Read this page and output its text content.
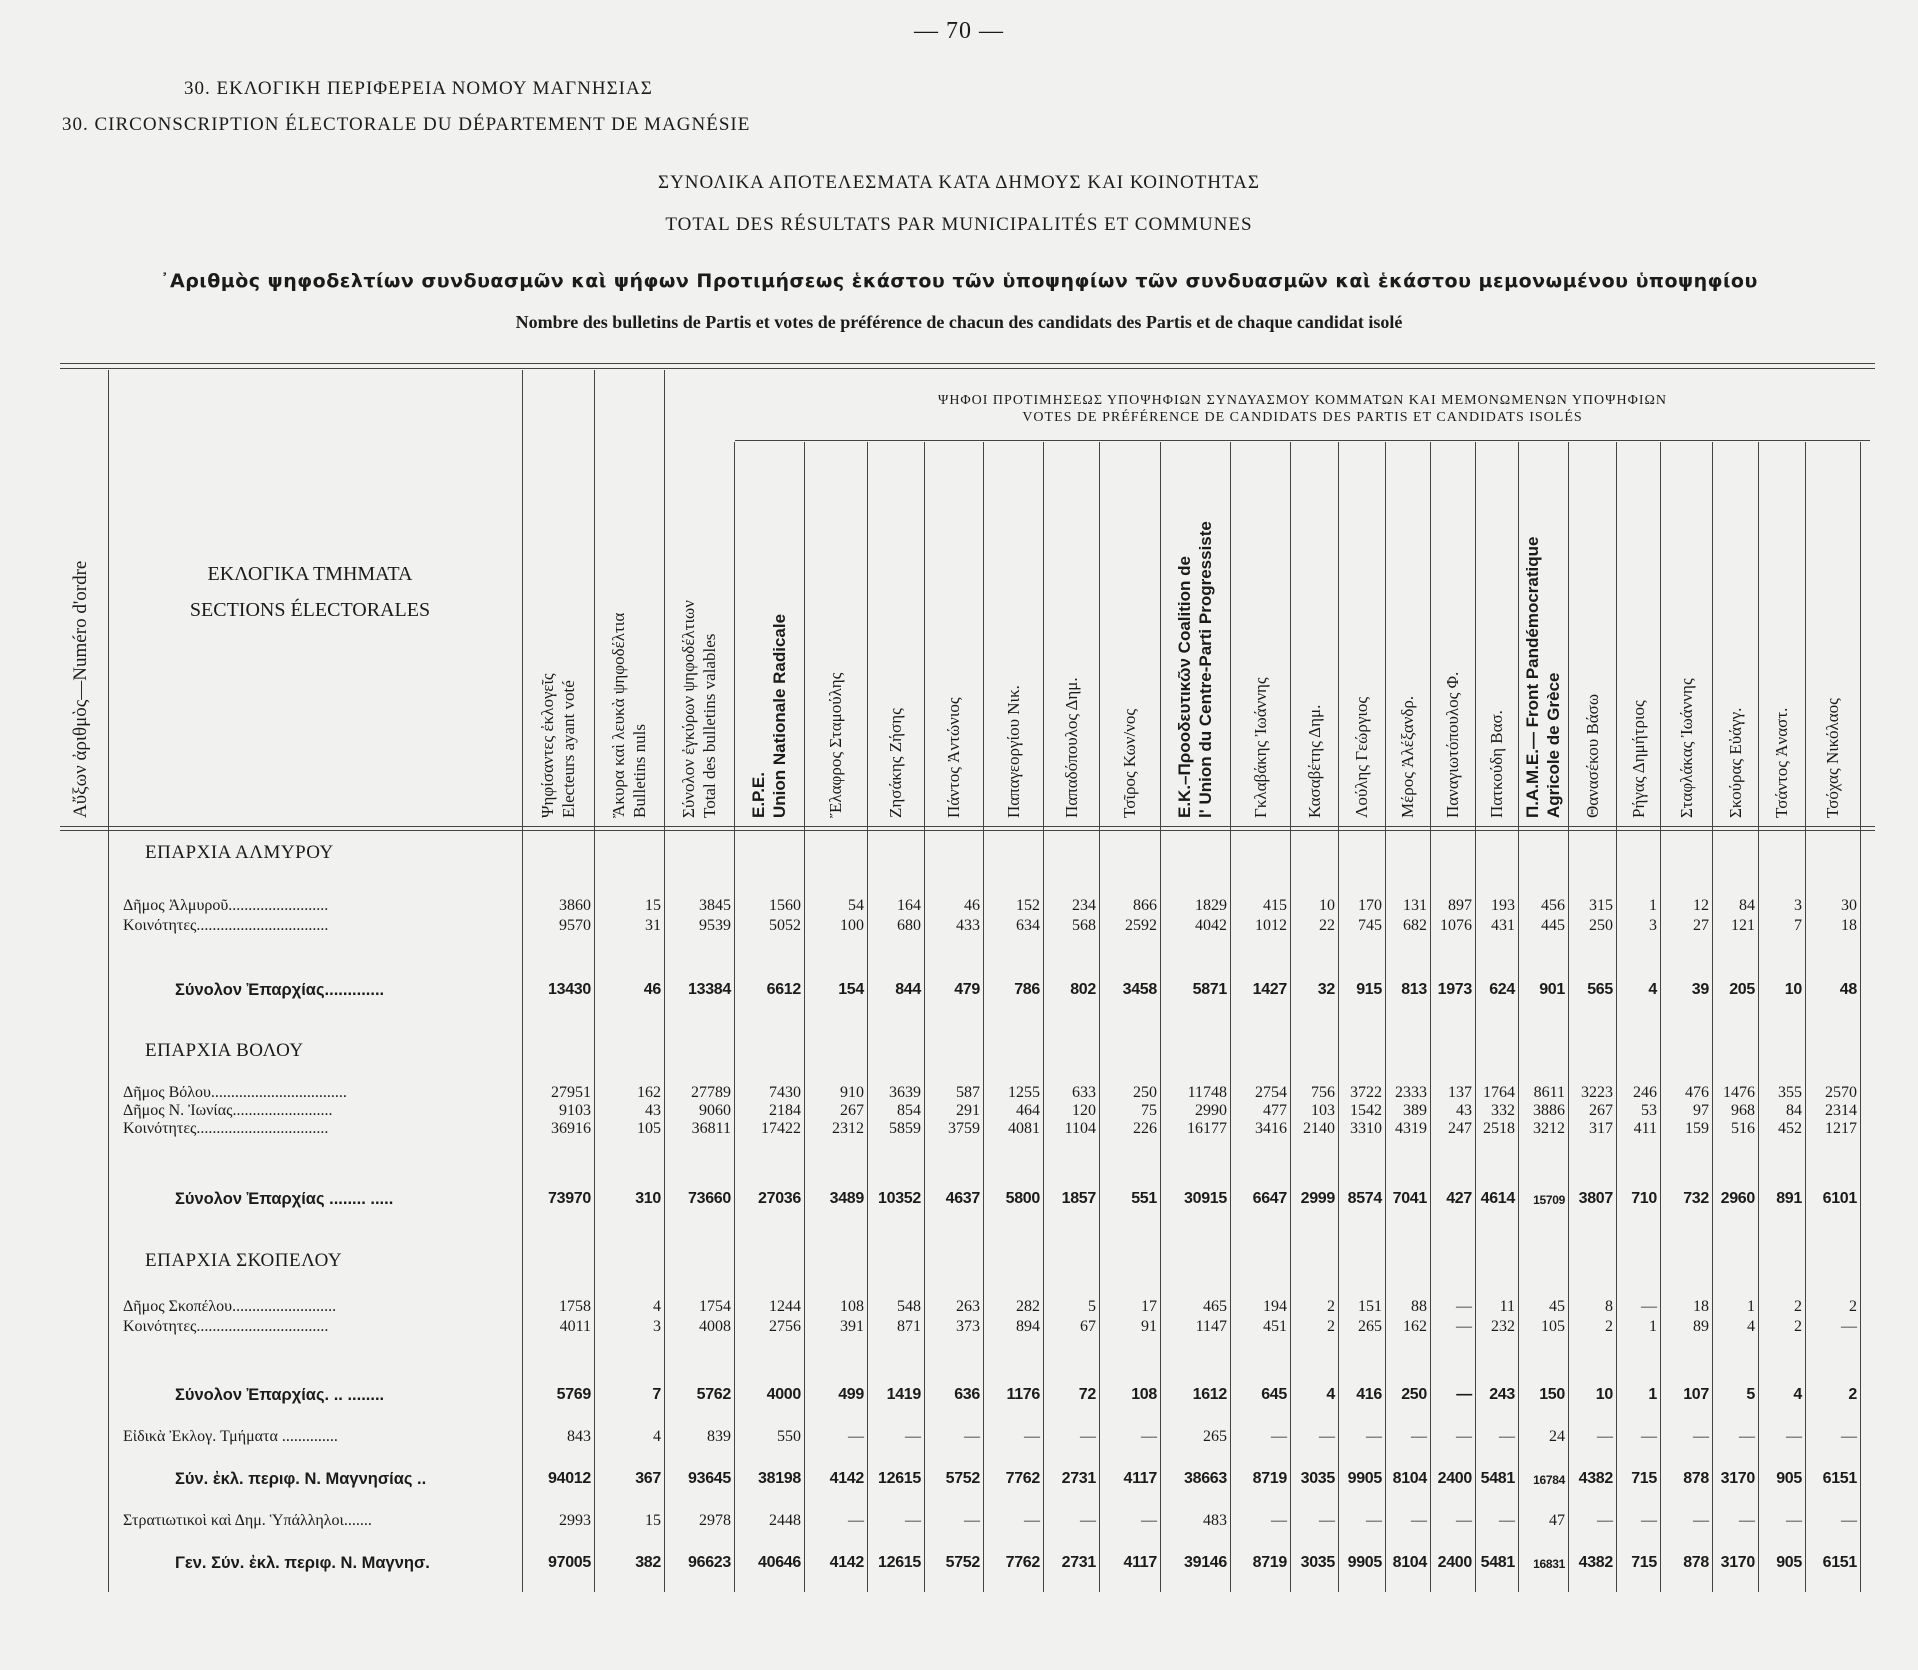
— 70 —
30. ΕΚΛΟΓΙΚΗ ΠΕΡΙΦΕΡΕΙΑ ΝΟΜΟΥ ΜΑΓΝΗΣΙΑΣ
30. CIRCONSCRIPTION ÉLECTORALE DU DÉPARTEMENT DE MAGNÉSIE
ΣΥΝΟΛΙΚΑ ΑΠΟΤΕΛΕΣΜΑΤΑ ΚΑΤΑ ΔΗΜΟΥΣ ΚΑΙ ΚΟΙΝΟΤΗΤΑΣ
TOTAL DES RÉSULTATS PAR MUNICIPALITÉS ET COMMUNES
᾿Αριθμὸς ψηφοδελτίων συνδυασμῶν καὶ ψήφων Προτιμήσεως ἑκάστου τῶν ὑποψηφίων τῶν συνδυασμῶν καὶ ἑκάστου μεμονωμένου ὑποψηφίου
Nombre des bulletins de Partis et votes de préférence de chacun des candidats des Partis et de chaque candidat isolé
ΨΗΦΟΙ ΠΡΟΤΙΜΗΣΕΩΣ ΥΠΟΨΗΦΙΩΝ ΣΥΝΔΥΑΣΜΟΥ ΚΟΜΜΑΤΩΝ ΚΑΙ ΜΕΜΟΝΩΜΕΝΩΝ ΥΠΟΨΗΦΙΩΝ
VOTES DE PRÉFÉRENCE DE CANDIDATS DES PARTIS ET CANDIDATS ISOLÉS
Αὔξων ἀριθμὸς—Numéro d'ordre	ΕΚΛΟΓΙΚΑ ΤΜΗΜΑΤΑ
SECTIONS ÉLECTORALES
Ψηφίσαντες ἐκλογεῖς Electeurs ayant voté Ἄκυρα καὶ λευκὰ ψηφοδέλτια Bulletins nuls Σύνολον ἐγκύρων ψηφοδέλτιων Total des bulletins valables E.P.E. Union Nationale Radicale Ἔλαφρος Σταμούλης Ζησάκης Ζήσης Πάντος Ἀντώνιος Παπαγεοργίου Νικ. Παπαδόπουλος Δημ. Τσῖρος Κων/νος E.K.–Προοδευτικῶν Coalition de l' Union du Centre-Parti Progressiste Γκλαβάκης Ἰωάννης Κασαβέτης Δημ. Λούλης Γεώργιος Μέρος Ἀλέξανδρ. Παναγιωτόπουλος Φ. Πατκούδη Βασ. Π.Α.Μ.Ε.— Front Pandémocratique Agricole de Grèce Θανασέκου Βάσω Ρήγας Δημήτριος Σταφλάκας Ἰωάννης Σκούρας Εὐάγγ. Τσάντος Ἀναστ. Τσόχας Νικόλαος
ΕΠΑΡΧΙΑ ΑΛΜΥΡΟΥ
ΕΠΑΡΧΙΑ ΒΟΛΟΥ
ΕΠΑΡΧΙΑ ΣΚΟΠΕΛΟΥ
Δῆμος Ἀλμυροῦ.........................	3860	15 3845 1560	54 164	46 152 234 866 1829 415 10 170 131 897 193 456 315 1 12 84 3 30
Κοινότητες.................................	9570	31 9539 5052 100 680 433 634 568 2592 4042 1012 22 745 682 1076 431 445 250 3 27 121 7 18
Σύνολον Ἐπαρχίας.............	13430	46 13384 6612 154 844 479 786 802 3458 5871 1427 32 915 813 1973 624 901 565 4 39 205 10 48
Δῆμος Βόλου..................................	27951	162 27789 7430 910 3639 587 1255 633 250 11748 2754 756 3722 2333 137 1764 8611 3223 246 476 1476 355 2570
Δῆμος Ν. Ἰωνίας.........................	9103	43 9060 2184 267 854 291 464 120	75 2990 477 103 1542 389 43 332 3886 267 53 97 968 84 2314
Κοινότητες.................................	36916	105 36811 17422 2312 5859 3759 4081 1104 226 16177 3416 2140 3310 4319 247 2518 3212 317 411 159 516 452 1217
Σύνολον Ἐπαρχίας ........ .....	73970	310 73660 27036 3489 10352 4637 5800 1857 551 30915 6647 2999 8574 7041 427 4614 15709 3807 710 732 2960 891 6101
Δῆμος Σκοπέλου..........................	1758	4 1754 1244 108 548 263 282	5	17	465 194	2 151 88 — 11 45	8 — 18 1 2	2
Κοινότητες.................................	4011	3 4008 2756 391 871 373 894	67	91 1147 451	2 265 162 — 232 105	2 1 89 4 2 —
Σύνολον Ἐπαρχίας. .. ........	5769	7 5762 4000 499 1419 636 1176 72 108 1612 645 4 416 250 — 243 150 10 1 107 5 4	2
Εἰδικὰ Ἐκλογ. Τμήματα ..............	843	4	839	550	—	—	—	—	—	—	265	— — — — — — 24 — — — — — —
Σύν. ἐκλ. περιφ. Ν. Μαγνησίας ..	94012	367 93645 38198 4142 12615 5752 7762 2731 4117 38663 8719 3035 9905 8104 2400 5481 16784 4382 715 878 3170 905 6151
Στρατιωτικοὶ καὶ Δημ. Ὑπάλληλοι.......	2993	15 2978 2448	—	—	—	—	—	—	483	— — — — — — 47 — — — — — —
Γεν. Σύν. ἐκλ. περιφ. Ν. Μαγνησ.	97005	382 96623 40646 4142 12615 5752 7762 2731 4117 39146 8719 3035 9905 8104 2400 5481 16831 4382 715 878 3170 905 6151
